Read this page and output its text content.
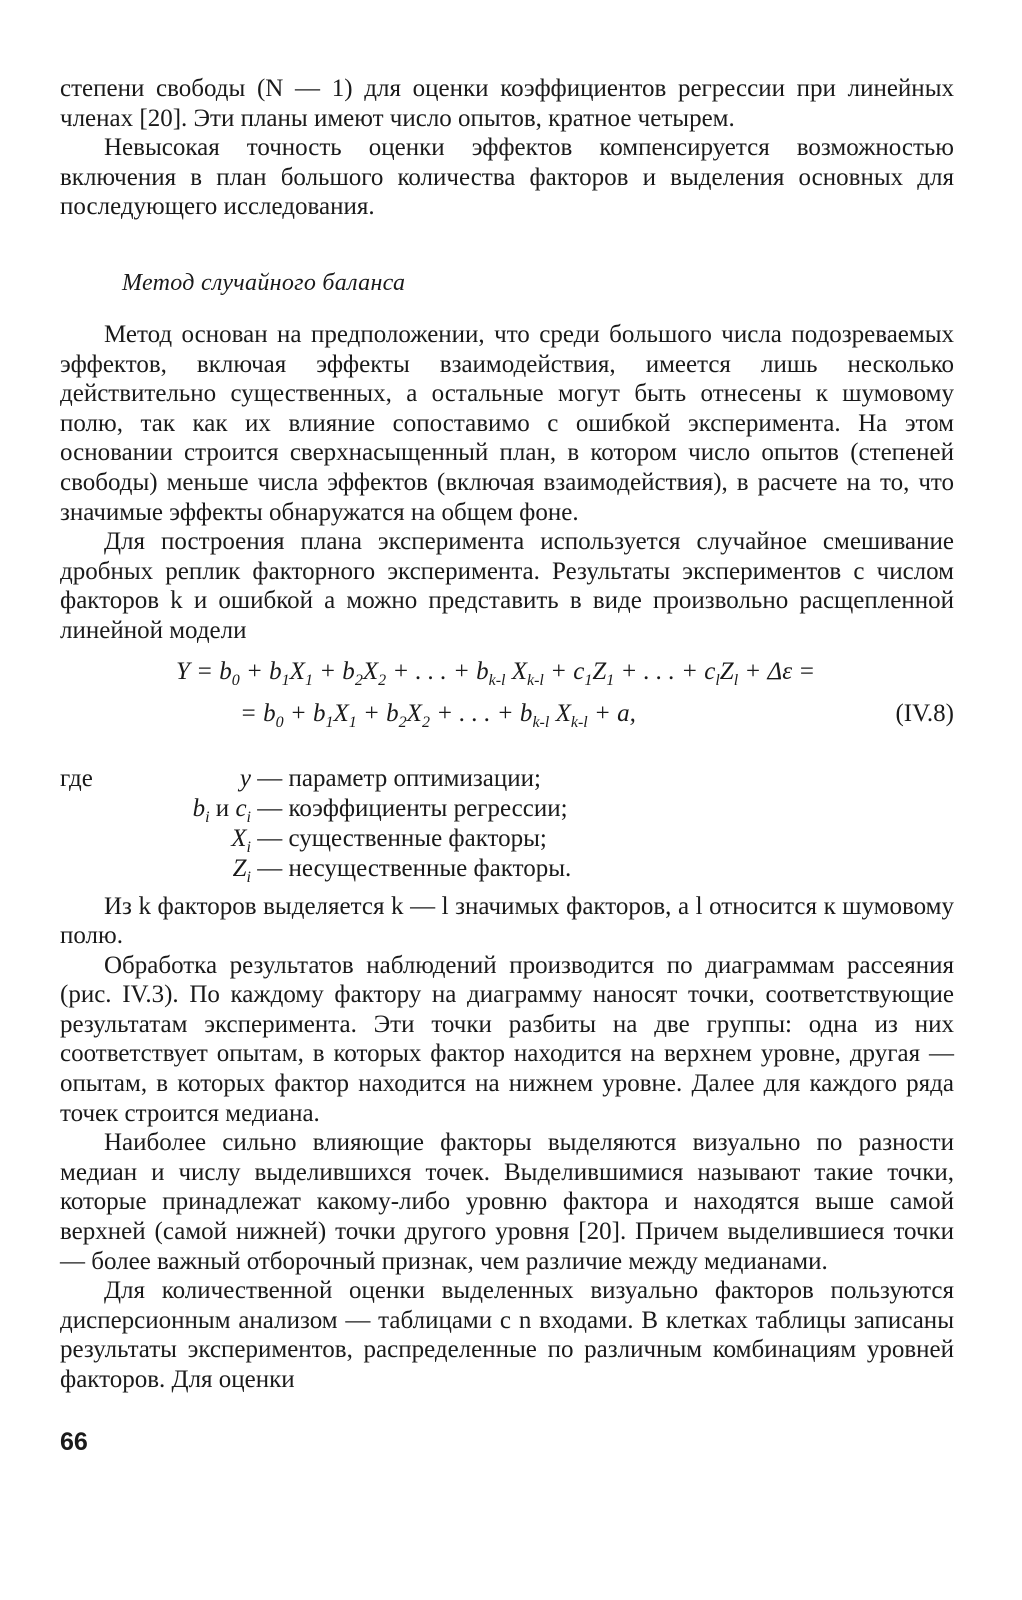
степени свободы (N — 1) для оценки коэффициентов регрессии при линейных членах [20]. Эти планы имеют число опытов, кратное четырем.

Невысокая точность оценки эффектов компенсируется возможностью включения в план большого количества факторов и выделения основных для последующего исследования.

Метод случайного баланса

Метод основан на предположении, что среди большого числа подозреваемых эффектов, включая эффекты взаимодействия, имеется лишь несколько действительно существенных, а остальные могут быть отнесены к шумовому полю, так как их влияние сопоставимо с ошибкой эксперимента. На этом основании строится сверхнасыщенный план, в котором число опытов (степеней свободы) меньше числа эффектов (включая взаимодействия), в расчете на то, что значимые эффекты обнаружатся на общем фоне.

Для построения плана эксперимента используется случайное смешивание дробных реплик факторного эксперимента. Результаты экспериментов с числом факторов k и ошибкой a можно представить в виде произвольно расщепленной линейной модели

$Y = b_0 + b_1X_1 + b_2X_2$ + . . . + $b_{k-l}$ $X_{k-l} + c_1Z_1$ + . . . + $c_lZ_l + \Delta\varepsilon$ =
= $b_0 + b_1X_1 + b_2X_2$ + . . . + $b_{k-l}$ $X_{k-l} + a$,	(IV.8)
где	y — параметр оптимизации;
$b_i$ и $c_i$ — коэффициенты регрессии;
$X_i$ — существенные факторы;
$Z_i$ — несущественные факторы.

Из k факторов выделяется k — l значимых факторов, а l относится к шумовому полю.

Обработка результатов наблюдений производится по диаграммам рассеяния (рис. IV.3). По каждому фактору на диаграмму наносят точки, соответствующие результатам эксперимента. Эти точки разбиты на две группы: одна из них соответствует опытам, в которых фактор находится на верхнем уровне, другая — опытам, в которых фактор находится на нижнем уровне. Далее для каждого ряда точек строится медиана.

Наиболее сильно влияющие факторы выделяются визуально по разности медиан и числу выделившихся точек. Выделившимися называют такие точки, которые принадлежат какому-либо уровню фактора и находятся выше самой верхней (самой нижней) точки другого уровня [20]. Причем выделившиеся точки — более важный отборочный признак, чем различие между медианами.

Для количественной оценки выделенных визуально факторов пользуются дисперсионным анализом — таблицами с n входами. В клетках таблицы записаны результаты экспериментов, распределенные по различным комбинациям уровней факторов. Для оценки

66
